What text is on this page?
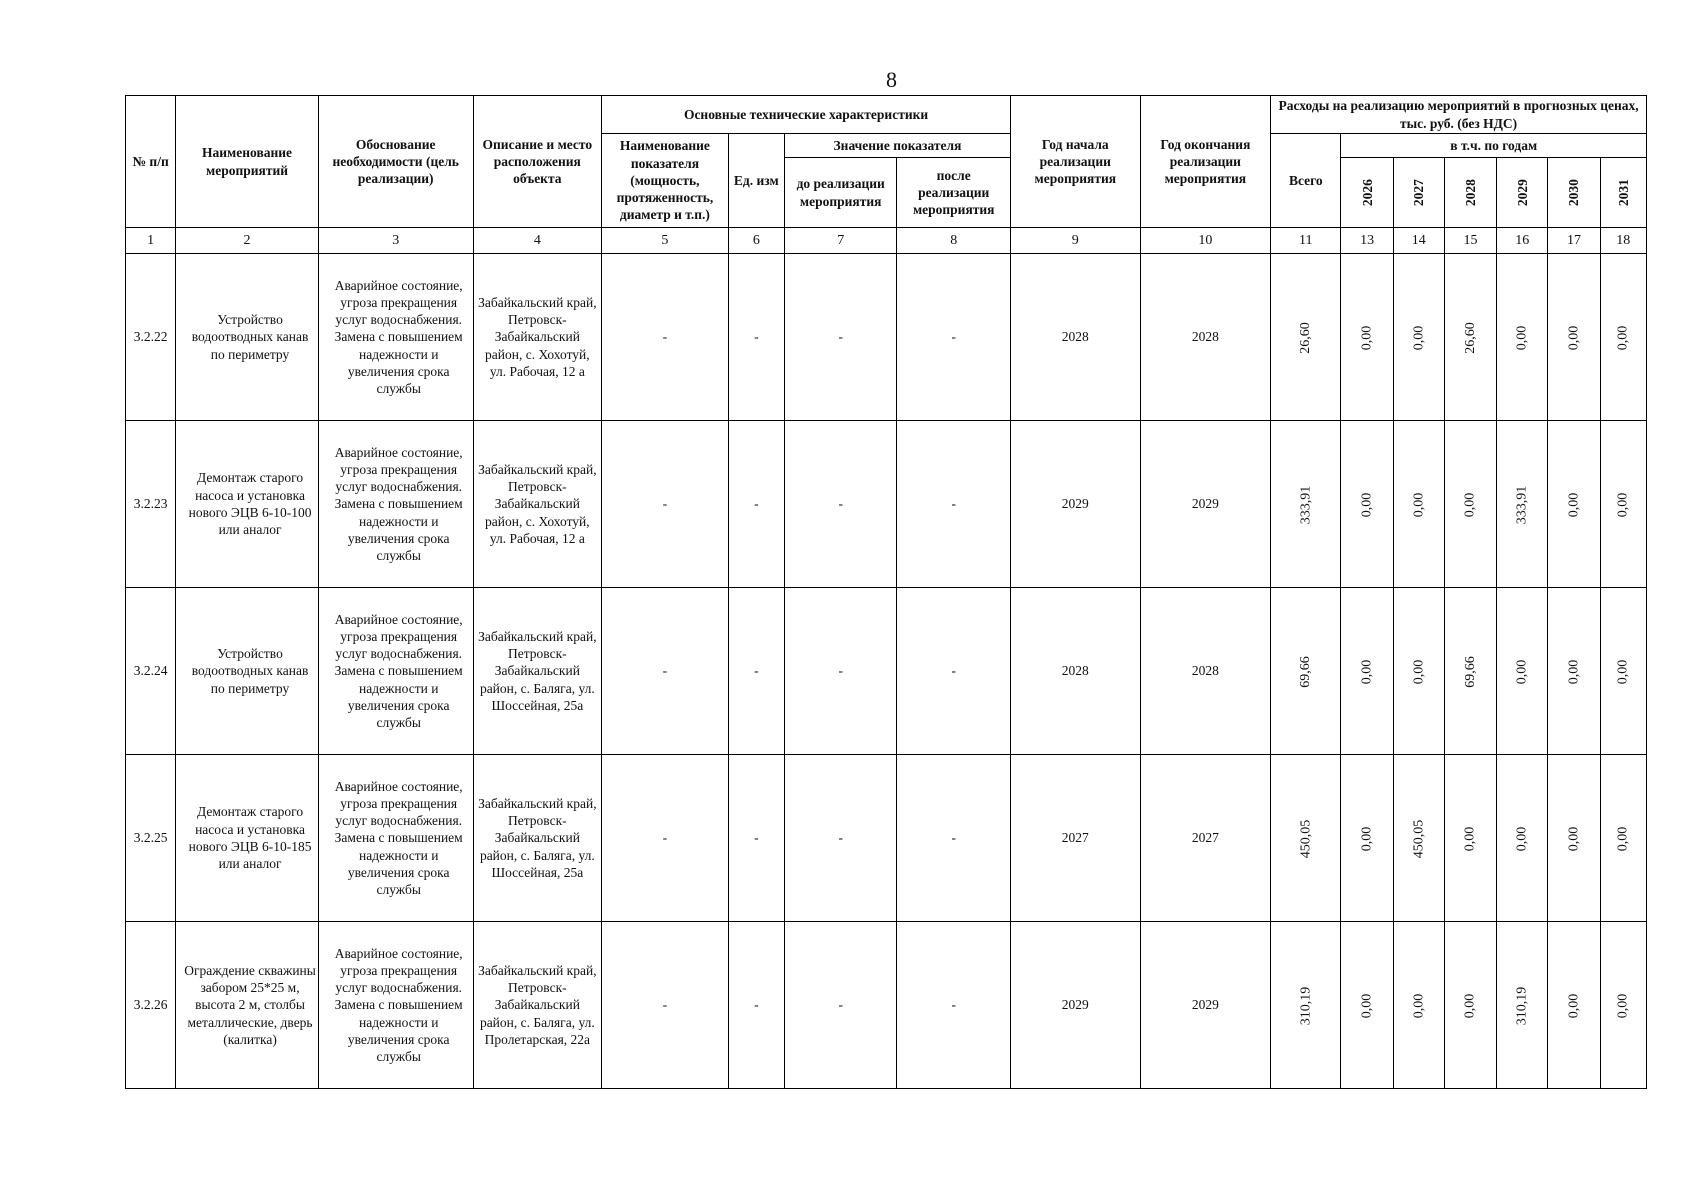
8
№ п/п	Наименование мероприятий	Обоснование необходимости (цель реализации)	Описание и место расположения объекта	Основные технические характеристики				Год начала реализации мероприятия	Год окончания реализации мероприятия	Расходы на реализацию мероприятий в прогнозных ценах, тыс. руб. (без НДС)						
				Наименование показателя (мощность, протяженность, диаметр и т.п.)	Ед. изм	Значение показателя				Всего	в т.ч. по годам					
						до реализации мероприятия	после реализации мероприятия				2026	2027	2028	2029	2030	2031
1	2	3	4	5	6	7	8	9	10	11	13	14	15	16	17	18
3.2.22	Устройство водоотводных канав по периметру	Аварийное состояние, угроза прекращения услуг водоснабжения. Замена с повышением надежности и увеличения срока службы	Забайкальский край, Петровск-Забайкальский район, с. Хохотуй, ул. Рабочая, 12 а	-	-	-	-	2028	2028	26,60	0,00	0,00	26,60	0,00	0,00	0,00
3.2.23	Демонтаж старого насоса и установка нового ЭЦВ 6-10-100 или аналог	Аварийное состояние, угроза прекращения услуг водоснабжения. Замена с повышением надежности и увеличения срока службы	Забайкальский край, Петровск-Забайкальский район, с. Хохотуй, ул. Рабочая, 12 а	-	-	-	-	2029	2029	333,91	0,00	0,00	0,00	333,91	0,00	0,00
3.2.24	Устройство водоотводных канав по периметру	Аварийное состояние, угроза прекращения услуг водоснабжения. Замена с повышением надежности и увеличения срока службы	Забайкальский край, Петровск-Забайкальский район, с. Баляга, ул. Шоссейная, 25а	-	-	-	-	2028	2028	69,66	0,00	0,00	69,66	0,00	0,00	0,00
3.2.25	Демонтаж старого насоса и установка нового ЭЦВ 6-10-185 или аналог	Аварийное состояние, угроза прекращения услуг водоснабжения. Замена с повышением надежности и увеличения срока службы	Забайкальский край, Петровск-Забайкальский район, с. Баляга, ул. Шоссейная, 25а	-	-	-	-	2027	2027	450,05	0,00	450,05	0,00	0,00	0,00	0,00
3.2.26	Ограждение скважины забором 25*25 м, высота 2 м, столбы металлические, дверь (калитка)	Аварийное состояние, угроза прекращения услуг водоснабжения. Замена с повышением надежности и увеличения срока службы	Забайкальский край, Петровск-Забайкальский район, с. Баляга, ул. Пролетарская, 22а	-	-	-	-	2029	2029	310,19	0,00	0,00	0,00	310,19	0,00	0,00
